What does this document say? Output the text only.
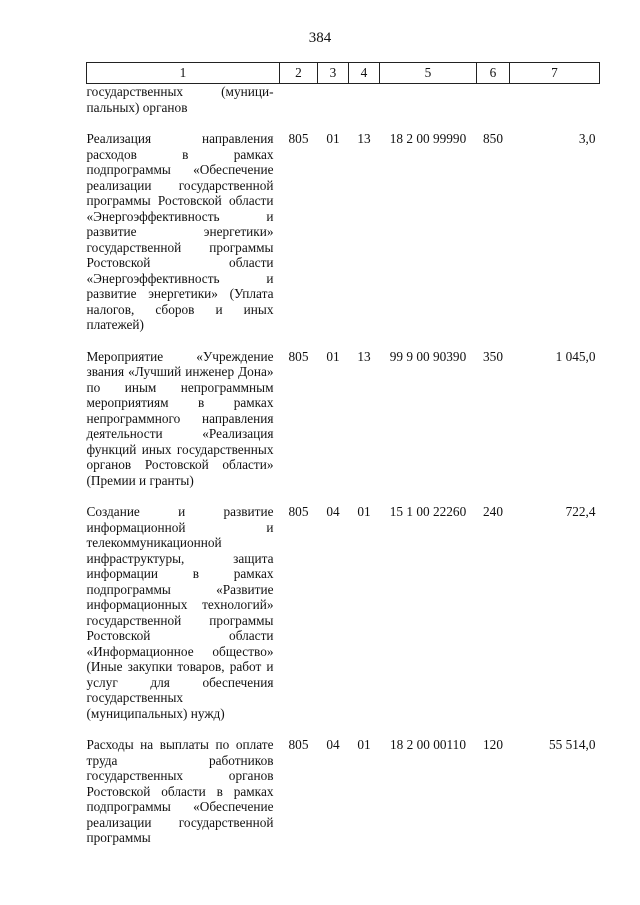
384
1	2	3	4	5	6	7
государственных (муници-пальных) органов						
Реализация направления расходов в рамках подпрограммы «Обеспечение реализации государственной программы Ростовской области «Энергоэффективность и развитие энергетики» государственной программы Ростовской области «Энергоэффективность и развитие энергетики» (Уплата налогов, сборов и иных платежей)	805	01	13	18 2 00 99990	850	3,0
Мероприятие «Учреждение звания «Лучший инженер Дона» по иным непрограммным мероприятиям в рамках непрограммного направления деятельности «Реализация функций иных государственных органов Ростовской области» (Премии и гранты)	805	01	13	99 9 00 90390	350	1 045,0
Создание и развитие информационной и телекоммуникационной инфраструктуры, защита информации в рамках подпрограммы «Развитие информационных технологий» государственной программы Ростовской области «Информационное общество» (Иные закупки товаров, работ и услуг для обеспечения государственных (муниципальных) нужд)	805	04	01	15 1 00 22260	240	722,4
Расходы на выплаты по оплате труда работников государственных органов Ростовской области в рамках подпрограммы «Обеспечение реализации государственной программы	805	04	01	18 2 00 00110	120	55 514,0
